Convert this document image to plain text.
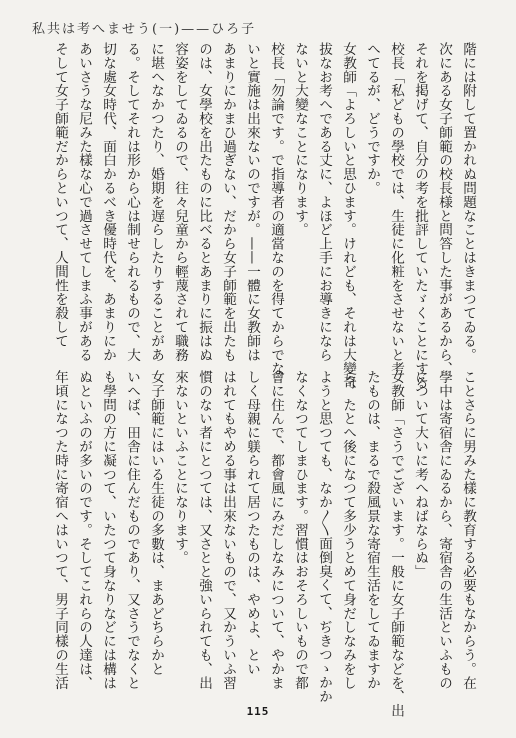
私共は考へませう(一)——ひろ子
階には附して置かれぬ問題なことはきまつてゐる。
次にある女子師範の校長様と問答した事があるから、
それを掲げて、自分の考を批評していたゞくことにする
校長「私どもの學校では、生徒に化粧をさせないと考
へてるが、どうですか。
女教師「よろしいと思ひます。けれども、それは大變奇
拔なお考へである丈に、よほど上手にお導きになら
ないと大變なことになります。
校長「勿論です。で指導者の適當なのを得てからでな
いと實施は出來ないのですが。——一體に女教師は
あまりにかまひ過ぎない、だから女子師範を出たも
のは、女學校を出たものに比べるとあまりに振はぬ
容姿をしてゐるので、往々兒童から輕蔑されて職務
に堪へなかつたり、婚期を遅らしたりすることがあ
る。そしてそれは形から心は制せられるもので、大
切な處女時代、面白かるべき優時代を、あまりにか
あいさうな尼みた樣な心で過させてしまふ事がある
そして女子師範だからといつて、人間性を殺して
ことさらに男みた樣に教育する必要もなからう。在
學中は寄宿舎にゐるから、寄宿舎の生活といふもの
について大いに考へねばならぬ」
女教師「さうでございます。一般に女子師範などを、出
たものは、まるで殺風景な寄宿生活をしてゐますか
ら、たとへ後になつて多少うとめて身だしなみをし
ようと思つても、なか〳〵面倒臭くて、ぢきつゝかか
なくなつてしまひます。習慣はおそろしいもので都
會に住んで、都會風にみだしなみについて、やかま
しく母親に躾られて居つたものは、やめよ、とい
はれてもやめる事は出來ないもので、又かういふ習
慣のない者にとつては、又さとと強いられても、出
來ないといふことになります。
女子師範にはいる生徒の多數は、まあどちらかと
いへば、田舎に住んだものであり、又さうでなくと
も學問の方に凝つて、いたつて身なりなどには構は
ぬといふのが多いのです。そしてこれらの人達は、
年頃になつた時に寄宿へはいつて、男子同樣の生活
115
